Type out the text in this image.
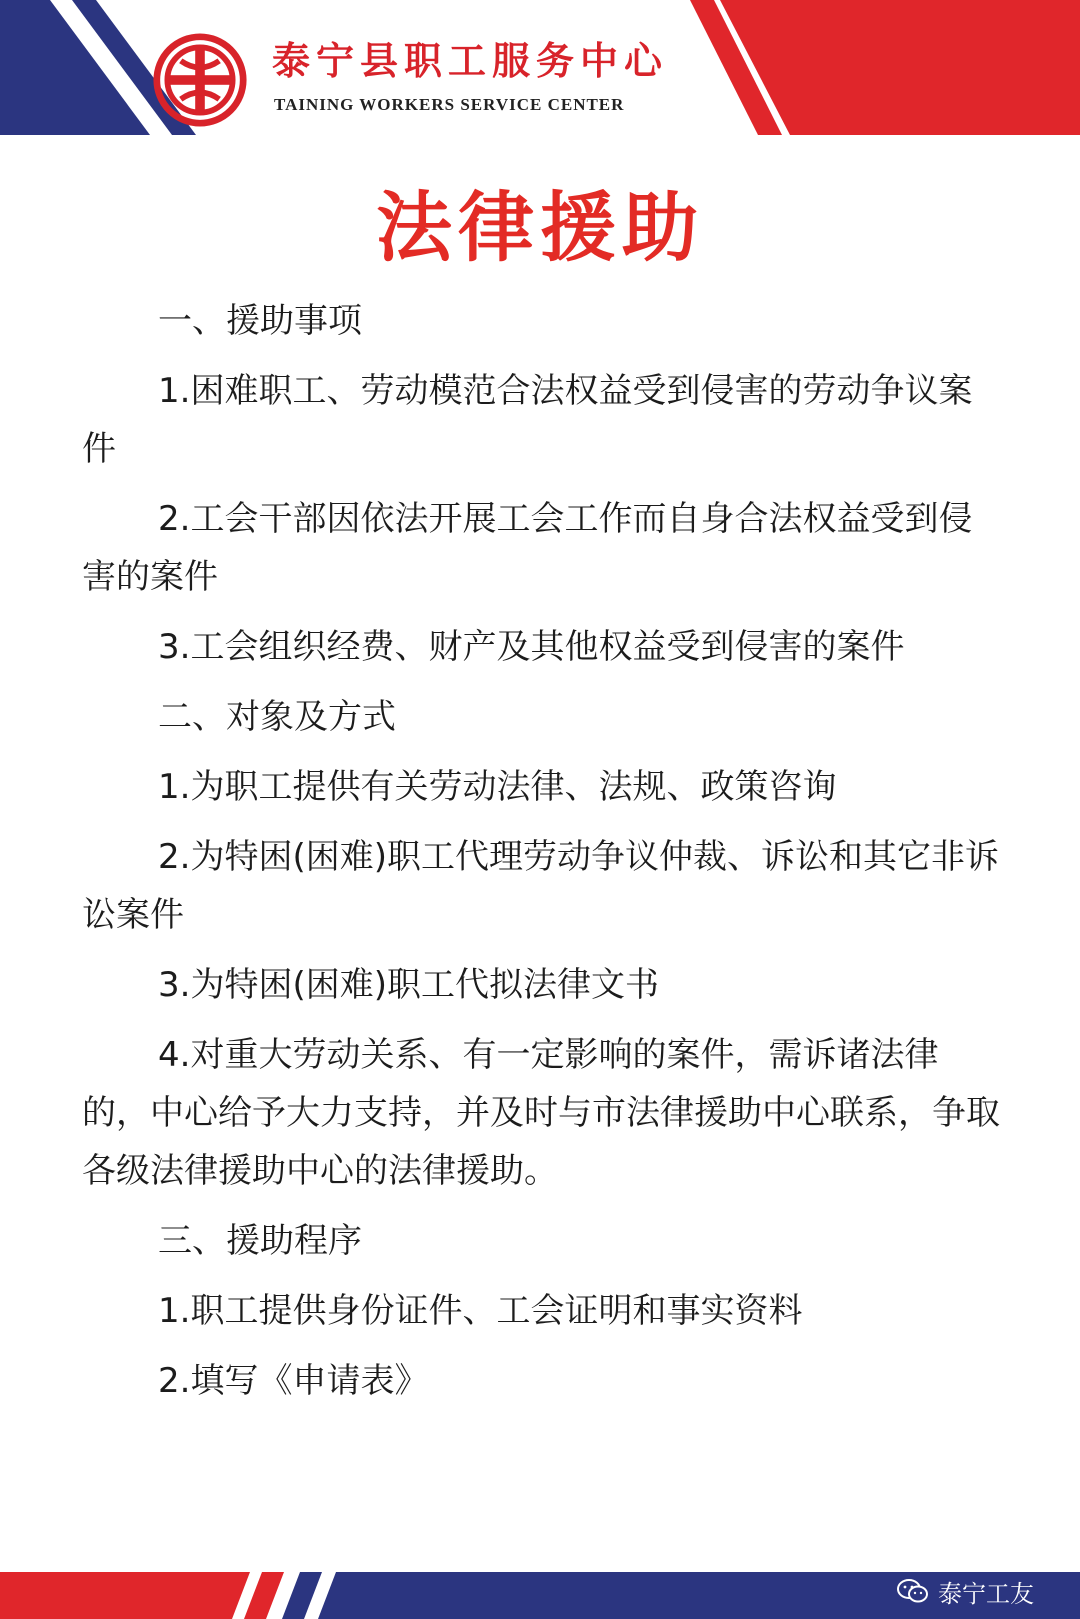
泰宁县职工服务中心

TAINING WORKERS SERVICE CENTER

法律援助

一、援助事项

1.困难职工、劳动模范合法权益受到侵害的劳动争议案件

2.工会干部因依法开展工会工作而自身合法权益受到侵害的案件

3.工会组织经费、财产及其他权益受到侵害的案件

二、对象及方式

1.为职工提供有关劳动法律、法规、政策咨询

2.为特困(困难)职工代理劳动争议仲裁、诉讼和其它非诉讼案件

3.为特困(困难)职工代拟法律文书

4.对重大劳动关系、有一定影响的案件，需诉诸法律的，中心给予大力支持，并及时与市法律援助中心联系，争取各级法律援助中心的法律援助。

三、援助程序

1.职工提供身份证件、工会证明和事实资料

2.填写《申请表》

泰宁工友
